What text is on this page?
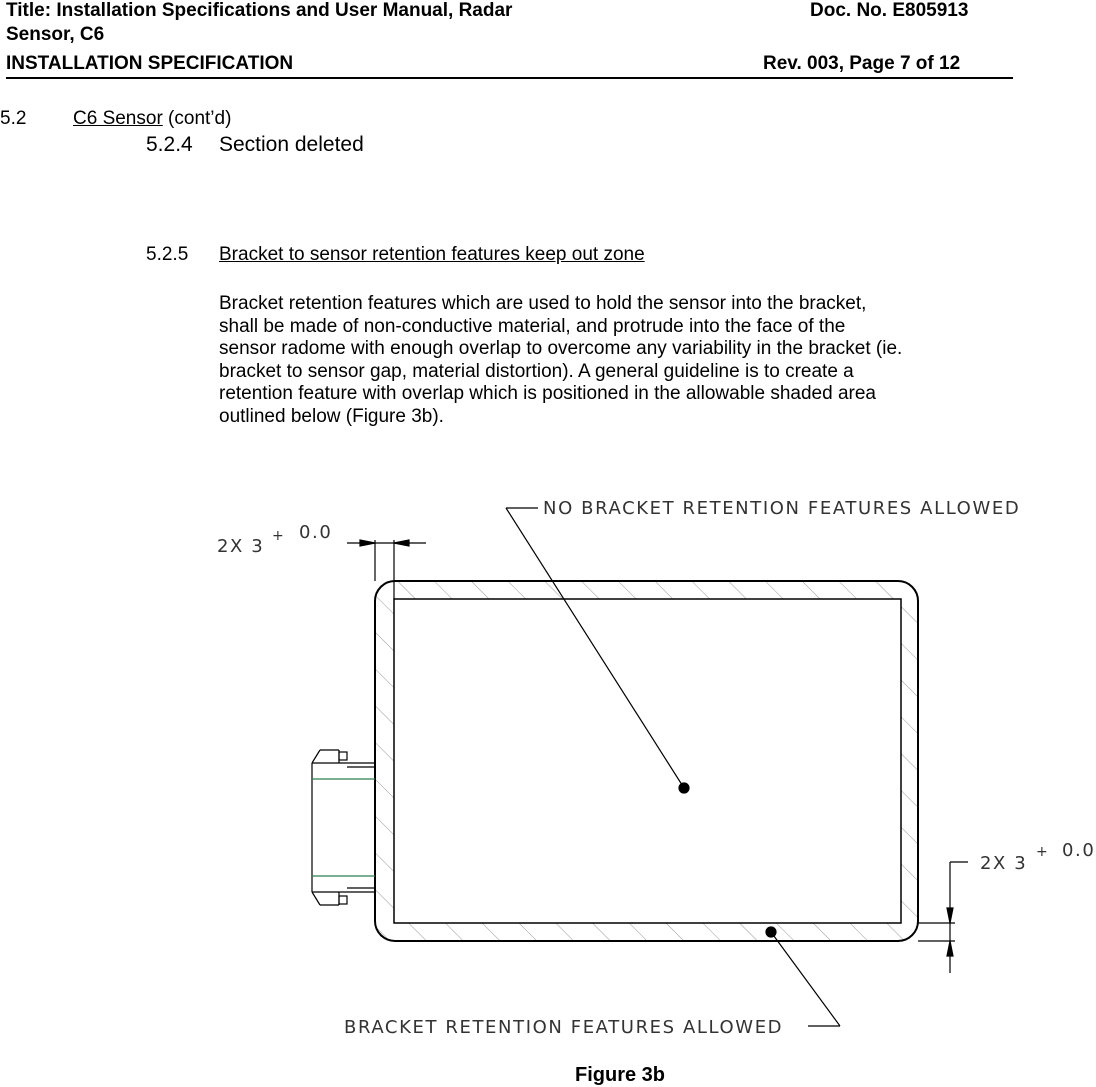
Title: Installation Specifications and User Manual, Radar	Doc. No. E805913
Sensor, C6
INSTALLATION SPECIFICATION	Rev. 003, Page 7 of 12
5.2 C6 Sensor (cont’d)
5.2.4 Section deleted
5.2.5 Bracket to sensor retention features keep out zone
Bracket retention features which are used to hold the sensor into the bracket,
shall be made of non-conductive material, and protrude into the face of the
sensor radome with enough overlap to overcome any variability in the bracket (ie.
bracket to sensor gap, material distortion). A general guideline is to create a
retention feature with overlap which is positioned in the allowable shaded area
outlined below (Figure 3b).
2X 3 + 0.0
2X 3
+ 0.0
NO BRACKET RETENTION FEATURES ALLOWED
BRACKET RETENTION FEATURES ALLOWED
Figure 3b
